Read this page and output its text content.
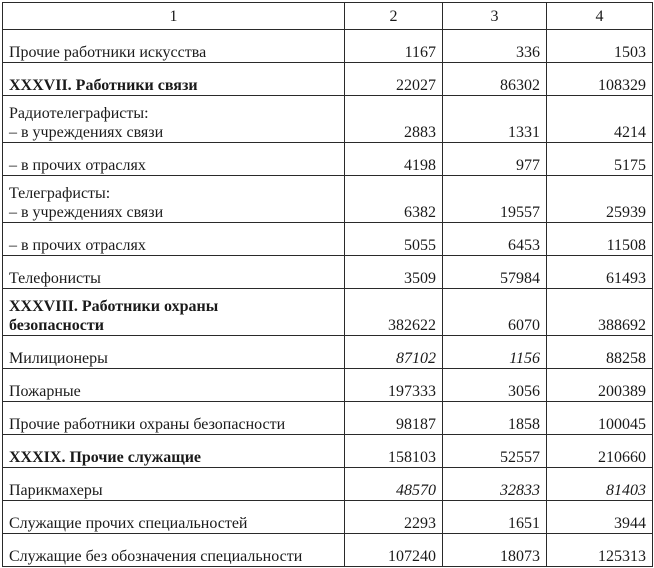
1	2	3	4
Прочие работники искусства	1167	336	1503
XXXVII. Работники связи	22027	86302	108329

Радиотелеграфисты:
– в учреждениях связи	2883	1331	4214
– в прочих отраслях	4198	977	5175

Телеграфисты:
– в учреждениях связи	6382	19557	25939
– в прочих отраслях	5055	6453	11508
Телефонисты	3509	57984	61493

XXXVIII. Работники охраны
безопасности	382622	6070	388692
Милиционеры	87102	1156	88258
Пожарные	197333	3056	200389
Прочие работники охраны безопасности	98187	1858	100045
XXXIX. Прочие служащие	158103	52557	210660
Парикмахеры	48570	32833	81403
Служащие прочих специальностей	2293	1651	3944
Служащие без обозначения специальности	107240	18073	125313
